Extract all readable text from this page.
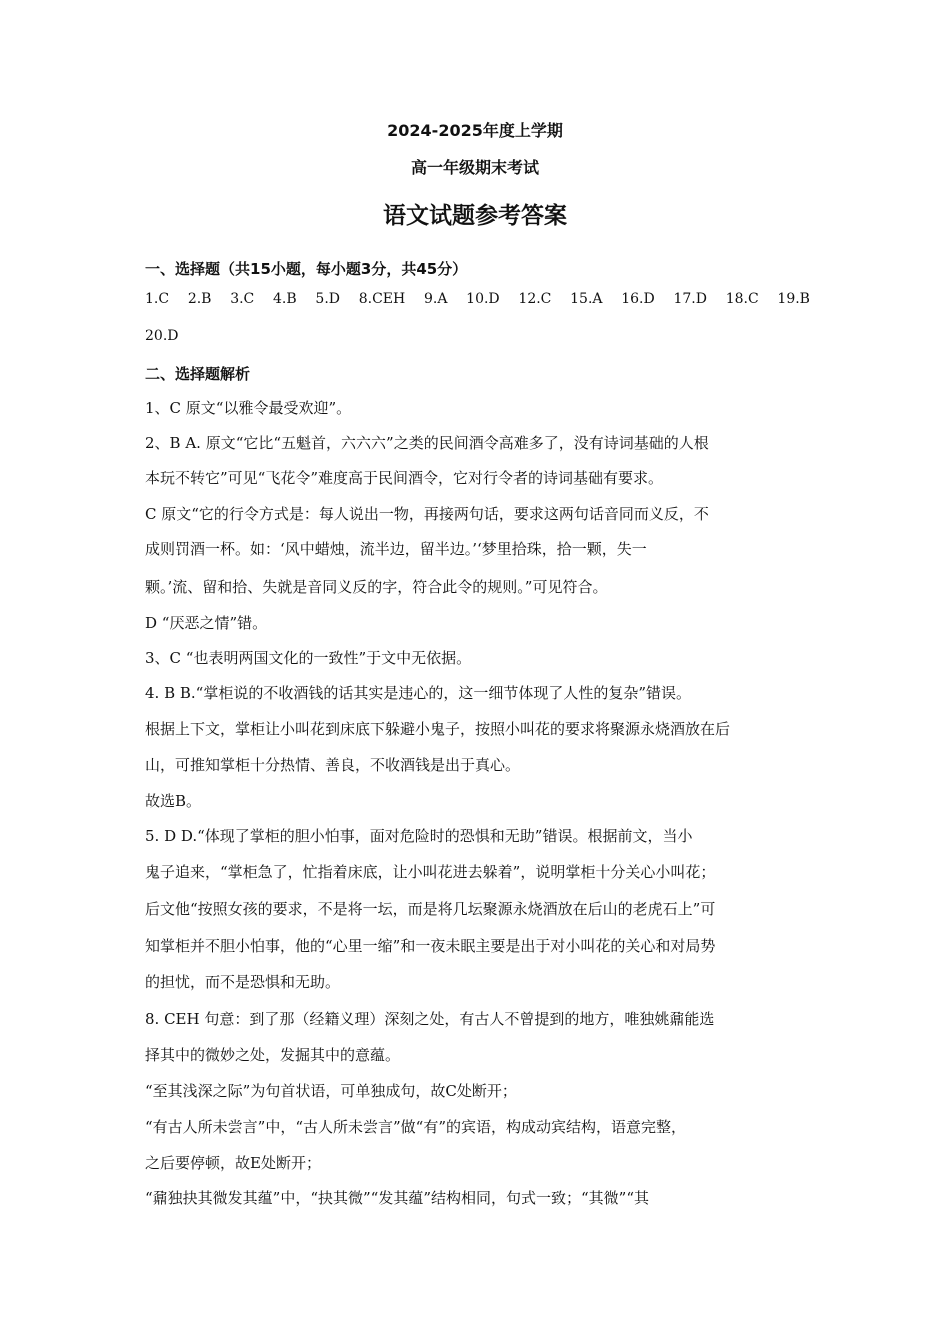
2024-2025年度上学期
高一年级期末考试
语文试题参考答案
一、选择题（共15小题，每小题3分，共45分）
1.C 2.B 3.C 4.B 5.D 8.CEH 9.A 10.D 12.C 15.A 16.D 17.D 18.C 19.B
20.D
二、选择题解析
1、C 原文“以雅令最受欢迎”。
2、B A. 原文“它比“五魁首，六六六”之类的民间酒令高难多了，没有诗词基础的人根
本玩不转它”可见“飞花令”难度高于民间酒令，它对行令者的诗词基础有要求。
C 原文“它的行令方式是：每人说出一物，再接两句话，要求这两句话音同而义反，不
成则罚酒一杯。如：‘风中蜡烛，流半边，留半边。’‘梦里拾珠，拾一颗，失一
颗。’流、留和拾、失就是音同义反的字，符合此令的规则。”可见符合。
D “厌恶之情”错。
3、C “也表明两国文化的一致性”于文中无依据。
4. B B.“掌柜说的不收酒钱的话其实是违心的，这一细节体现了人性的复杂”错误。
根据上下文，掌柜让小叫花到床底下躲避小鬼子，按照小叫花的要求将聚源永烧酒放在后
山，可推知掌柜十分热情、善良，不收酒钱是出于真心。
故选B。
5. D D.“体现了掌柜的胆小怕事，面对危险时的恐惧和无助”错误。根据前文，当小
鬼子追来，“掌柜急了，忙指着床底，让小叫花进去躲着”，说明掌柜十分关心小叫花；
后文他“按照女孩的要求，不是将一坛，而是将几坛聚源永烧酒放在后山的老虎石上”可
知掌柜并不胆小怕事，他的“心里一缩”和一夜未眠主要是出于对小叫花的关心和对局势
的担忧，而不是恐惧和无助。
8. CEH 句意：到了那（经籍义理）深刻之处，有古人不曾提到的地方，唯独姚鼐能选
择其中的微妙之处，发掘其中的意蕴。
“至其浅深之际”为句首状语，可单独成句，故C处断开；
“有古人所未尝言”中，“古人所未尝言”做“有”的宾语，构成动宾结构，语意完整，
之后要停顿，故E处断开；
“鼐独抉其微发其蕴”中，“抉其微”“发其蕴”结构相同，句式一致；“其微”“其
